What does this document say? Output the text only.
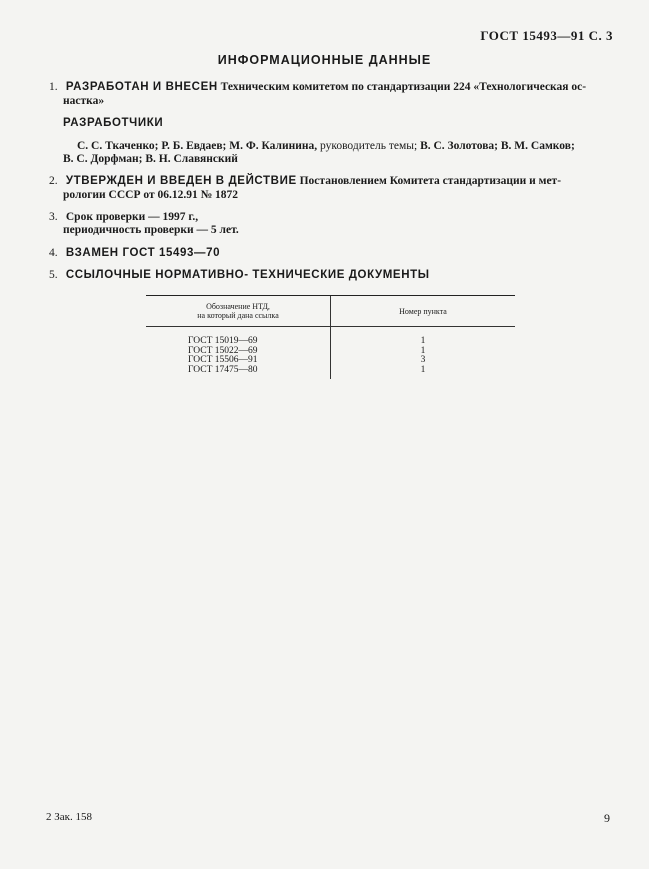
ГОСТ 15493—91 С. 3
ИНФОРМАЦИОННЫЕ ДАННЫЕ
1. РАЗРАБОТАН И ВНЕСЕН Техническим комитетом по стандартизации 224 «Технологическая ос-
настка»
РАЗРАБОТЧИКИ
С. С. Ткаченко; Р. Б. Евдаев; М. Ф. Калинина, руководитель темы; В. С. Золотова; В. М. Самков;
В. С. Дорфман; В. Н. Славянский
2. УТВЕРЖДЕН И ВВЕДЕН В ДЕЙСТВИЕ Постановлением Комитета стандартизации и мет-
рологии СССР от 06.12.91 № 1872
3. Срок проверки — 1997 г.,
периодичность проверки — 5 лет.
4. ВЗАМЕН ГОСТ 15493—70
5. ССЫЛОЧНЫЕ НОРМАТИВНО- ТЕХНИЧЕСКИЕ ДОКУМЕНТЫ
Обозначение НТД,
на который дана ссылка	Номер пункта
ГОСТ 15019—69	1
ГОСТ 15022—69	1
ГОСТ 15506—91	3
ГОСТ 17475—80	1
2 Зак. 158	9
